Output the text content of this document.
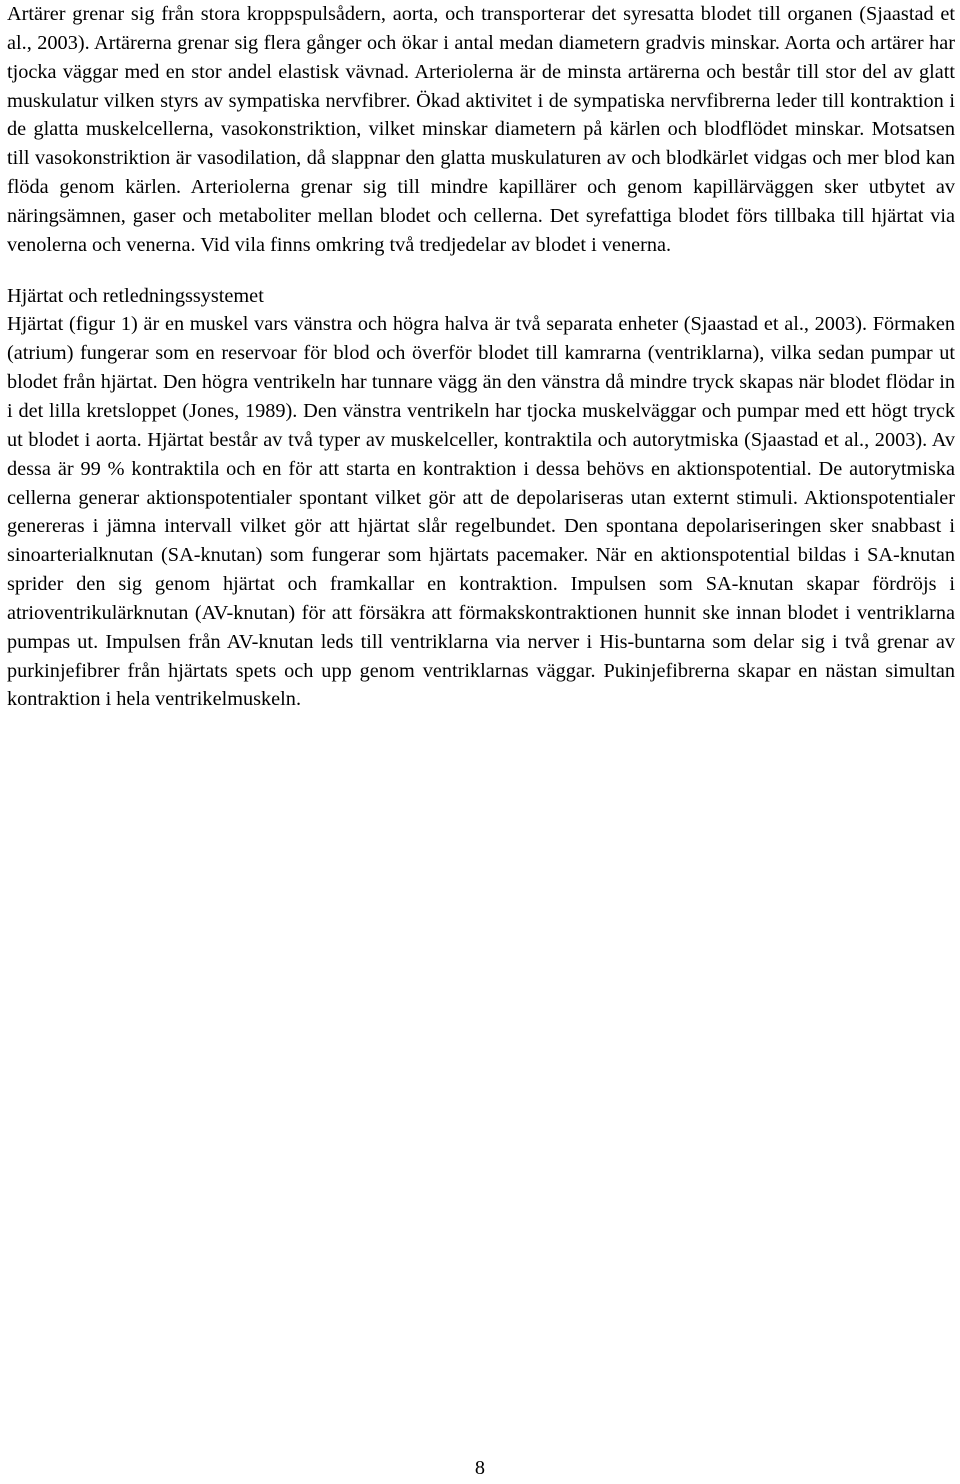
Artärer grenar sig från stora kroppspulsådern, aorta, och transporterar det syresatta blodet till organen (Sjaastad et al., 2003). Artärerna grenar sig flera gånger och ökar i antal medan diametern gradvis minskar. Aorta och artärer har tjocka väggar med en stor andel elastisk vävnad. Arteriolerna är de minsta artärerna och består till stor del av glatt muskulatur vilken styrs av sympatiska nervfibrer. Ökad aktivitet i de sympatiska nervfibrerna leder till kontraktion i de glatta muskelcellerna, vasokonstriktion, vilket minskar diametern på kärlen och blodflödet minskar. Motsatsen till vasokonstriktion är vasodilation, då slappnar den glatta muskulaturen av och blodkärlet vidgas och mer blod kan flöda genom kärlen. Arteriolerna grenar sig till mindre kapillärer och genom kapillärväggen sker utbytet av näringsämnen, gaser och metaboliter mellan blodet och cellerna. Det syrefattiga blodet förs tillbaka till hjärtat via venolerna och venerna. Vid vila finns omkring två tredjedelar av blodet i venerna.

Hjärtat och retledningssystemet

Hjärtat (figur 1) är en muskel vars vänstra och högra halva är två separata enheter (Sjaastad et al., 2003). Förmaken (atrium) fungerar som en reservoar för blod och överför blodet till kamrarna (ventriklarna), vilka sedan pumpar ut blodet från hjärtat. Den högra ventrikeln har tunnare vägg än den vänstra då mindre tryck skapas när blodet flödar in i det lilla kretsloppet (Jones, 1989). Den vänstra ventrikeln har tjocka muskelväggar och pumpar med ett högt tryck ut blodet i aorta. Hjärtat består av två typer av muskelceller, kontraktila och autorytmiska (Sjaastad et al., 2003). Av dessa är 99 % kontraktila och en för att starta en kontraktion i dessa behövs en aktionspotential. De autorytmiska cellerna generar aktionspotentialer spontant vilket gör att de depolariseras utan externt stimuli. Aktionspotentialer genereras i jämna intervall vilket gör att hjärtat slår regelbundet. Den spontana depolariseringen sker snabbast i sinoarterialknutan (SA-knutan) som fungerar som hjärtats pacemaker. När en aktionspotential bildas i SA-knutan sprider den sig genom hjärtat och framkallar en kontraktion. Impulsen som SA-knutan skapar fördröjs i atrioventrikulärknutan (AV-knutan) för att försäkra att förmakskontraktionen hunnit ske innan blodet i ventriklarna pumpas ut. Impulsen från AV-knutan leds till ventriklarna via nerver i His-buntarna som delar sig i två grenar av purkinjefibrer från hjärtats spets och upp genom ventriklarnas väggar. Pukinjefibrerna skapar en nästan simultan kontraktion i hela ventrikelmuskeln.

8
